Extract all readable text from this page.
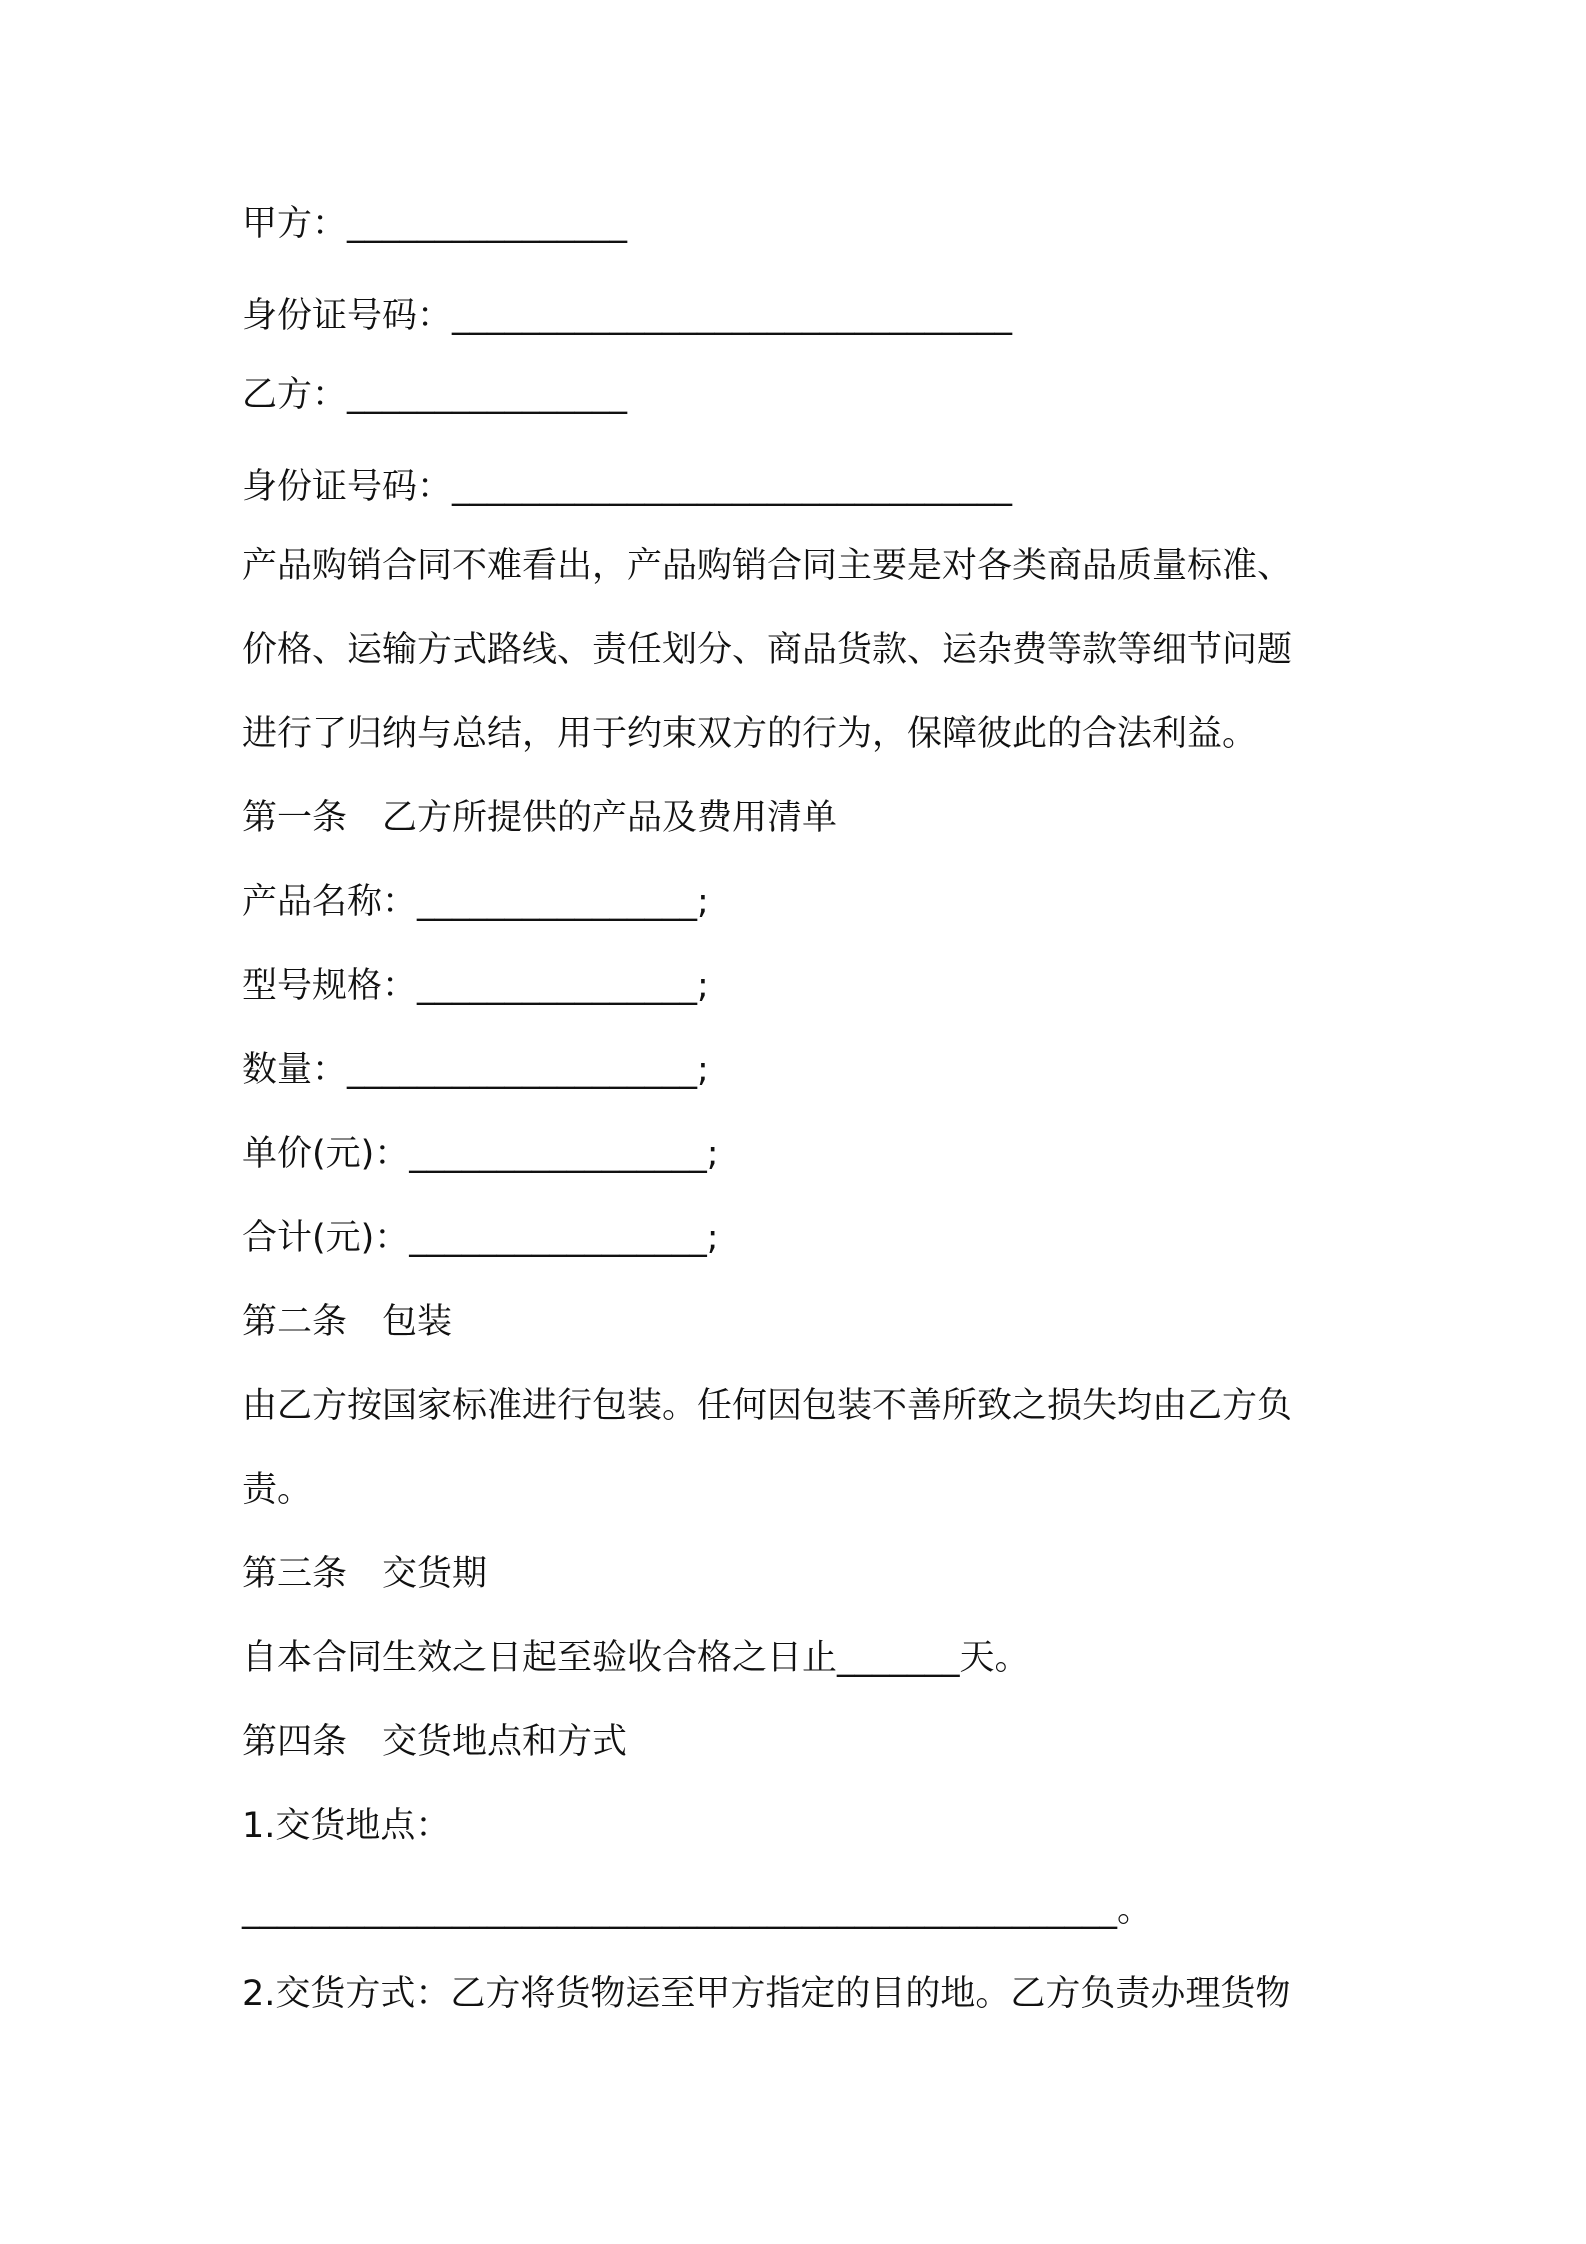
甲方：________________
身份证号码：________________________________
乙方：________________
身份证号码：________________________________
产品购销合同不难看出，产品购销合同主要是对各类商品质量标准、
价格、运输方式路线、责任划分、商品货款、运杂费等款等细节问题
进行了归纳与总结，用于约束双方的行为，保障彼此的合法利益。
第一条　乙方所提供的产品及费用清单
产品名称：________________;
型号规格：________________;
数量：____________________;
单价(元)：_________________;
合计(元)：_________________;
第二条　包装
由乙方按国家标准进行包装。任何因包装不善所致之损失均由乙方负
责。
第三条　交货期
自本合同生效之日起至验收合格之日止_______天。
第四条　交货地点和方式
1.交货地点：
__________________________________________________。
2.交货方式：乙方将货物运至甲方指定的目的地。乙方负责办理货物
